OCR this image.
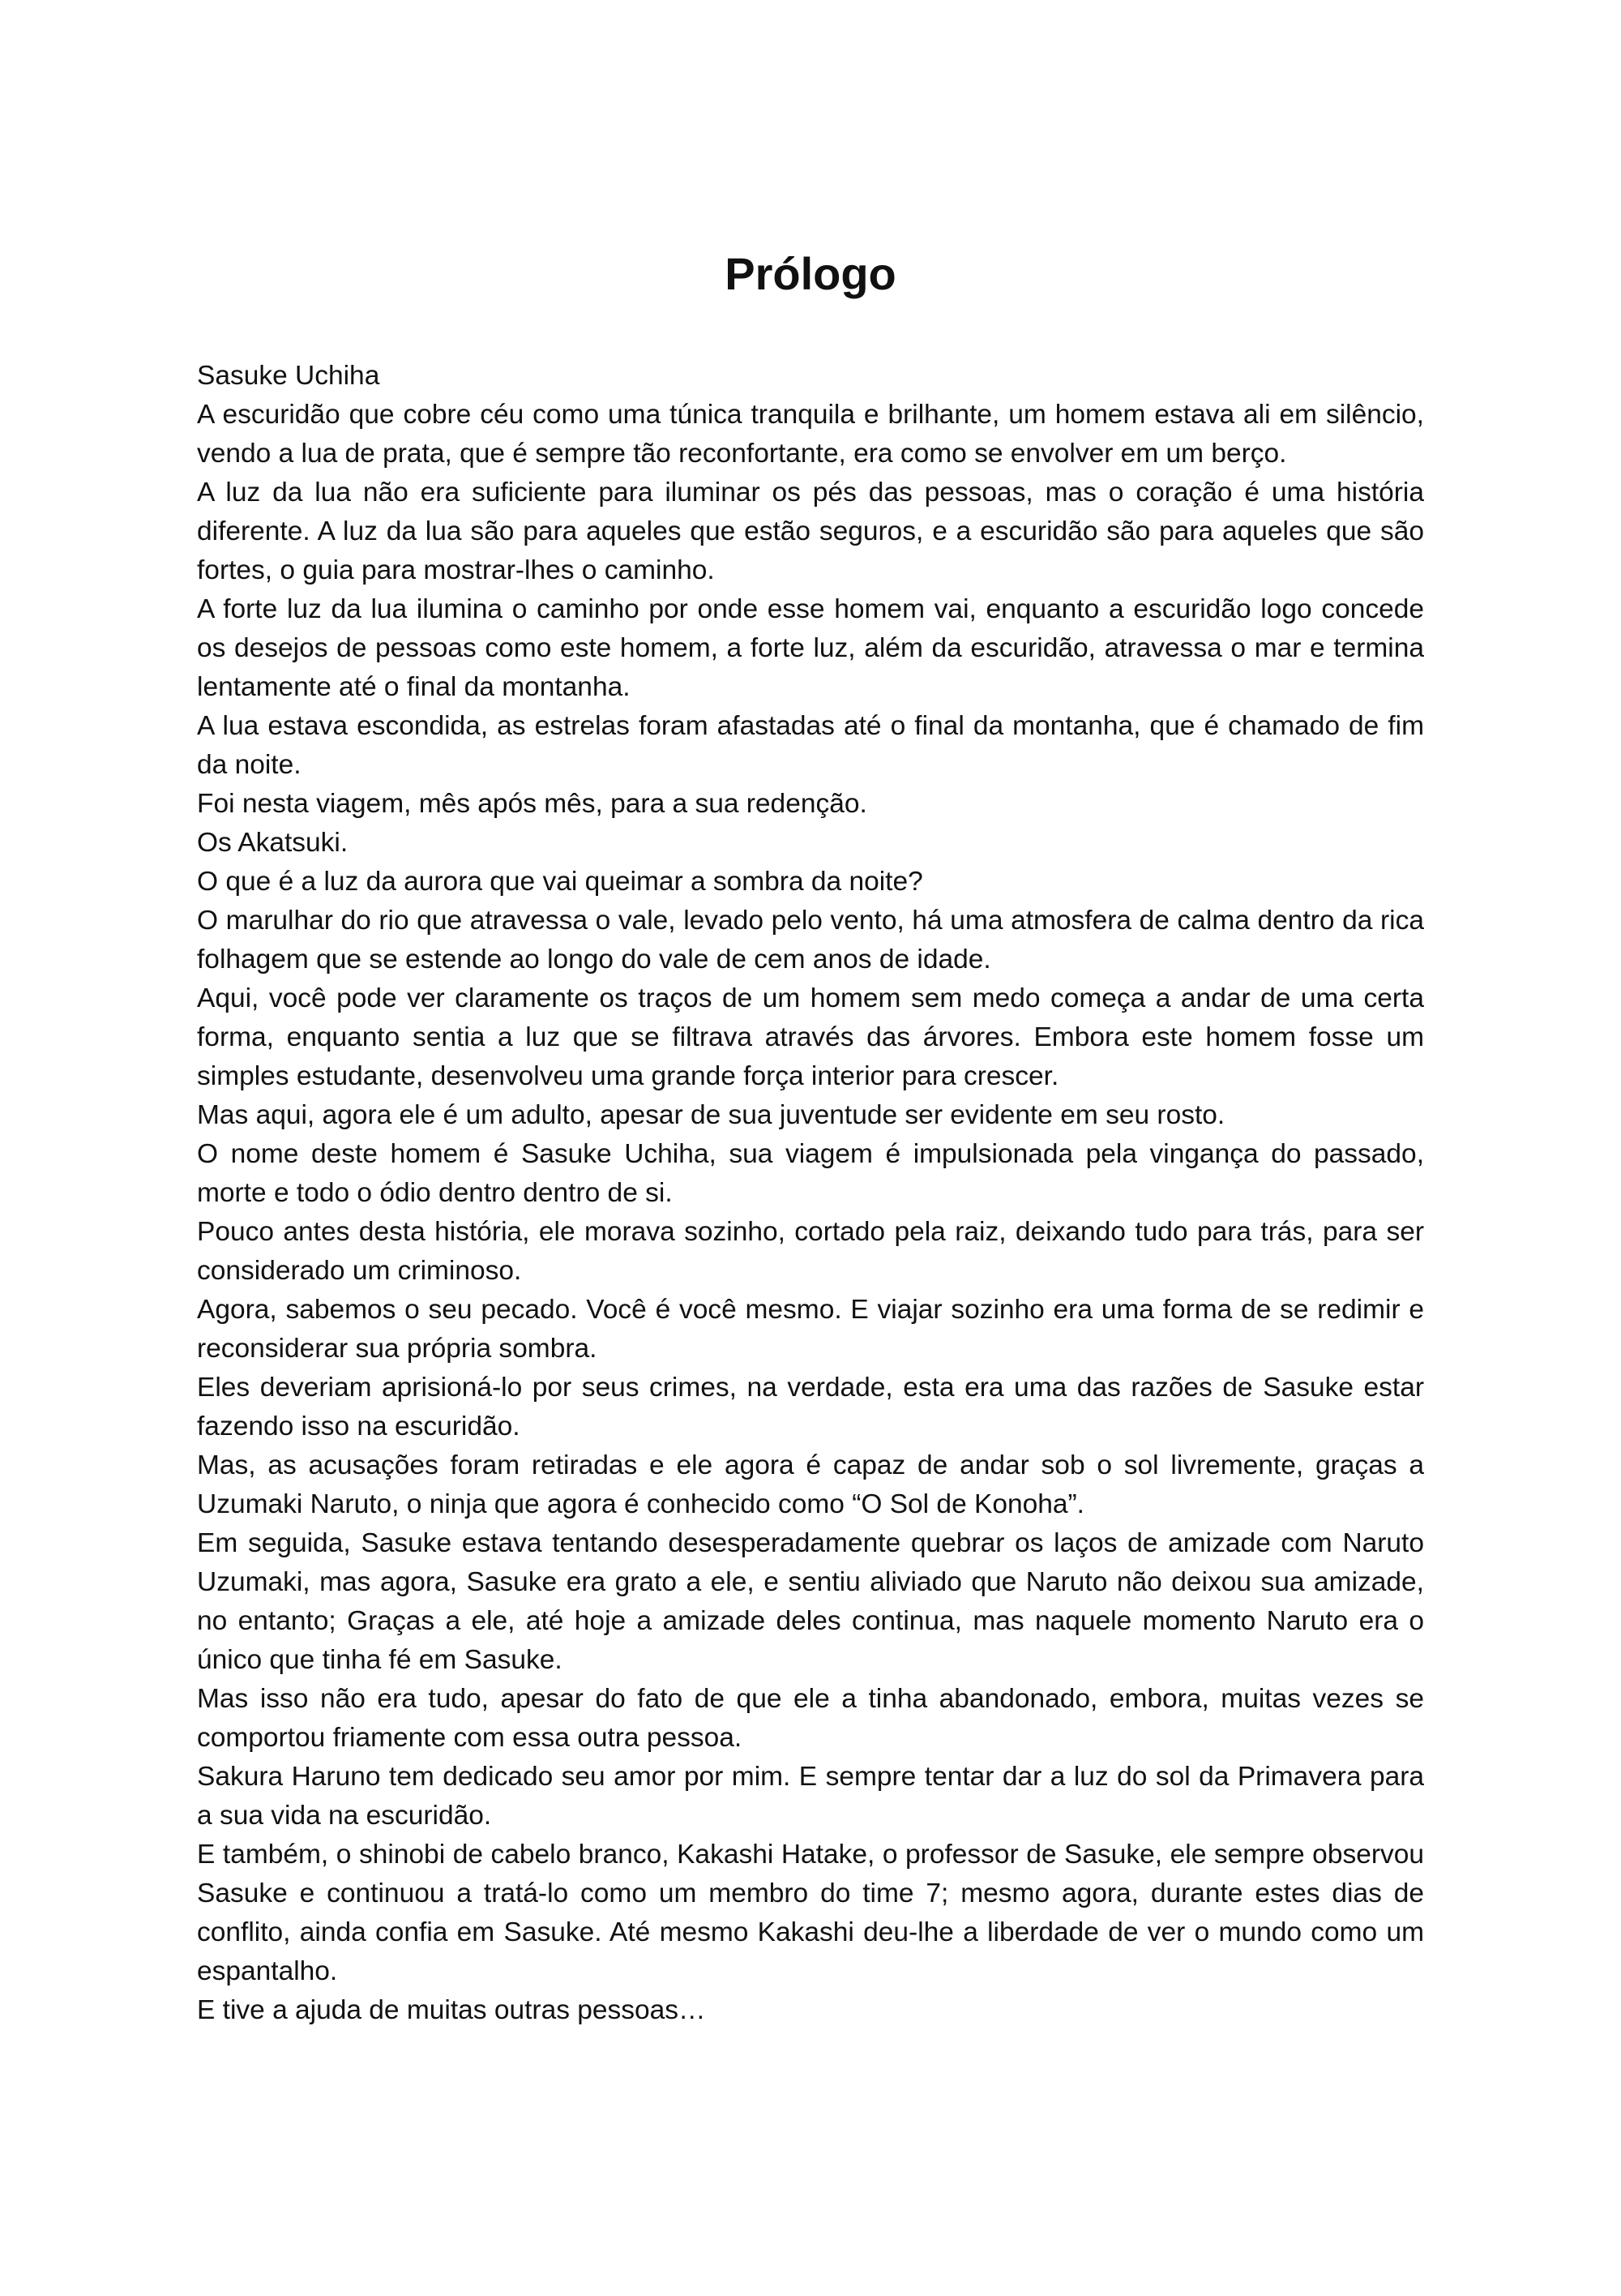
Prólogo

Sasuke Uchiha

A escuridão que cobre céu como uma túnica tranquila e brilhante, um homem estava ali em silêncio, vendo a lua de prata, que é sempre tão reconfortante, era como se envolver em um berço.

A luz da lua não era suficiente para iluminar os pés das pessoas, mas o coração é uma história diferente. A luz da lua são para aqueles que estão seguros, e a escuridão são para aqueles que são fortes, o guia para mostrar-lhes o caminho.

A forte luz da lua ilumina o caminho por onde esse homem vai, enquanto a escuridão logo concede os desejos de pessoas como este homem, a forte luz, além da escuridão, atravessa o mar e termina lentamente até o final da montanha.

A lua estava escondida, as estrelas foram afastadas até o final da montanha, que é chamado de fim da noite.

Foi nesta viagem, mês após mês, para a sua redenção.

Os Akatsuki.

O que é a luz da aurora que vai queimar a sombra da noite?

O marulhar do rio que atravessa o vale, levado pelo vento, há uma atmosfera de calma dentro da rica folhagem que se estende ao longo do vale de cem anos de idade.

Aqui, você pode ver claramente os traços de um homem sem medo começa a andar de uma certa forma, enquanto sentia a luz que se filtrava através das árvores. Embora este homem fosse um simples estudante, desenvolveu uma grande força interior para crescer.

Mas aqui, agora ele é um adulto, apesar de sua juventude ser evidente em seu rosto.

O nome deste homem é Sasuke Uchiha, sua viagem é impulsionada pela vingança do passado, morte e todo o ódio dentro dentro de si.

Pouco antes desta história, ele morava sozinho, cortado pela raiz, deixando tudo para trás, para ser considerado um criminoso.

Agora, sabemos o seu pecado. Você é você mesmo. E viajar sozinho era uma forma de se redimir e reconsiderar sua própria sombra.

Eles deveriam aprisioná-lo por seus crimes, na verdade, esta era uma das razões de Sasuke estar fazendo isso na escuridão.

Mas, as acusações foram retiradas e ele agora é capaz de andar sob o sol livremente, graças a Uzumaki Naruto, o ninja que agora é conhecido como “O Sol de Konoha”.

Em seguida, Sasuke estava tentando desesperadamente quebrar os laços de amizade com Naruto Uzumaki, mas agora, Sasuke era grato a ele, e sentiu aliviado que Naruto não deixou sua amizade, no entanto; Graças a ele, até hoje a amizade deles continua, mas naquele momento Naruto era o único que tinha fé em Sasuke.

Mas isso não era tudo, apesar do fato de que ele a tinha abandonado, embora, muitas vezes se comportou friamente com essa outra pessoa.

Sakura Haruno tem dedicado seu amor por mim. E sempre tentar dar a luz do sol da Primavera para a sua vida na escuridão.

E também, o shinobi de cabelo branco, Kakashi Hatake, o professor de Sasuke, ele sempre observou Sasuke e continuou a tratá-lo como um membro do time 7; mesmo agora, durante estes dias de conflito, ainda confia em Sasuke. Até mesmo Kakashi deu-lhe a liberdade de ver o mundo como um espantalho.

E tive a ajuda de muitas outras pessoas…
